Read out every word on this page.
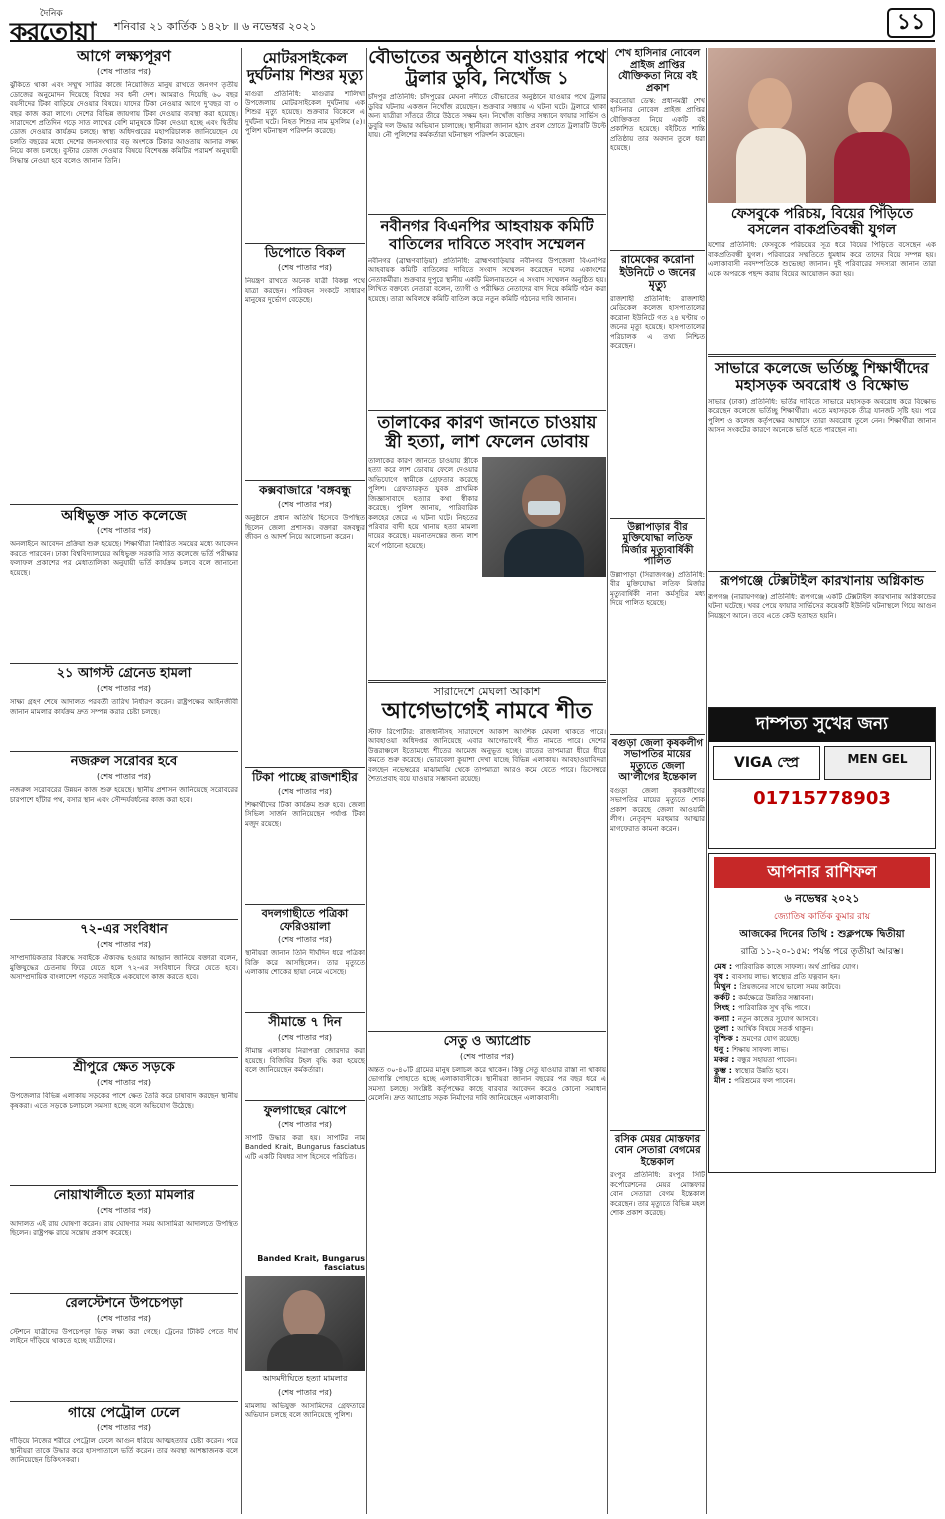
দৈনিক
করতোয়া শনিবার ২১ কার্তিক ১৪২৮ ॥ ৬ নভেম্বর ২০২১	১১
আগে লক্ষ্যপূরণ
(শেষ পাতার পর)
ঝুঁকিতে থাকা এবং সম্মুখ সারির কাজে নিয়োজিত মানুষ রাখতে জনগণ তৃতীয় ডোজের অনুমোদন দিয়েছে বিশ্বের সব ধনী দেশ। আমরাও দিয়েছি ৬০ বছর বয়সীদের টিকা বাড়িয়ে দেওয়ার বিষয়ে। যাদের টিকা নেওয়ার আগে দু'বছর বা ৩ বছর কাজ করা লাগে। দেশের বিভিন্ন জায়গায় টিকা দেওয়ার ব্যবস্থা করা হয়েছে। সারাদেশে প্রতিদিন গড়ে সাত লাখের বেশি মানুষকে টিকা দেওয়া হচ্ছে এবং দ্বিতীয় ডোজ দেওয়ার কার্যক্রম চলছে। স্বাস্থ্য অধিদপ্তরের মহাপরিচালক জানিয়েছেন যে চলতি বছরের মধ্যে দেশের জনসংখ্যার বড় অংশকে টিকার আওতায় আনার লক্ষ্য নিয়ে কাজ চলছে। বুস্টার ডোজ দেওয়ার বিষয়ে বিশেষজ্ঞ কমিটির পরামর্শ অনুযায়ী সিদ্ধান্ত নেওয়া হবে বলেও জানান তিনি।
অধিভুক্ত সাত কলেজে
(শেষ পাতার পর)
অনলাইনে আবেদন প্রক্রিয়া শুরু হয়েছে। শিক্ষার্থীরা নির্ধারিত সময়ের মধ্যে আবেদন করতে পারবেন। ঢাকা বিশ্ববিদ্যালয়ের অধিভুক্ত সরকারি সাত কলেজে ভর্তি পরীক্ষার ফলাফল প্রকাশের পর মেধাতালিকা অনুযায়ী ভর্তি কার্যক্রম চলবে বলে জানানো হয়েছে।
২১ আগস্ট গ্রেনেড হামলা
(শেষ পাতার পর)
সাক্ষ্য গ্রহণ শেষে আদালত পরবর্তী তারিখ নির্ধারণ করেন। রাষ্ট্রপক্ষের আইনজীবী জানান মামলার কার্যক্রম দ্রুত সম্পন্ন করার চেষ্টা চলছে।
নজরুল সরোবর হবে
(শেষ পাতার পর)
নজরুল সরোবরের উন্নয়ন কাজ শুরু হয়েছে। স্থানীয় প্রশাসন জানিয়েছে সরোবরের চারপাশে হাঁটার পথ, বসার স্থান এবং সৌন্দর্যবর্ধনের কাজ করা হবে।
৭২-এর সংবিধান
(শেষ পাতার পর)
সাম্প্রদায়িকতার বিরুদ্ধে সবাইকে ঐক্যবদ্ধ হওয়ার আহ্বান জানিয়ে বক্তারা বলেন, মুক্তিযুদ্ধের চেতনায় ফিরে যেতে হলে ৭২-এর সংবিধানে ফিরে যেতে হবে। অসাম্প্রদায়িক বাংলাদেশ গড়তে সবাইকে একযোগে কাজ করতে হবে।
শ্রীপুরে ক্ষেত সড়কে
(শেষ পাতার পর)
উপজেলার বিভিন্ন এলাকায় সড়কের পাশে ক্ষেত তৈরি করে চাষাবাদ করছেন স্থানীয় কৃষকরা। এতে সড়কে চলাচলে সমস্যা হচ্ছে বলে অভিযোগ উঠেছে।
নোয়াখালীতে হত্যা মামলার
(শেষ পাতার পর)
আদালত এই রায় ঘোষণা করেন। রায় ঘোষণার সময় আসামিরা আদালতে উপস্থিত ছিলেন। রাষ্ট্রপক্ষ রায়ে সন্তোষ প্রকাশ করেছে।
রেলস্টেশনে উপচেপড়া
(শেষ পাতার পর)
স্টেশনে যাত্রীদের উপচেপড়া ভিড় লক্ষ্য করা গেছে। ট্রেনের টিকিট পেতে দীর্ঘ লাইনে দাঁড়িয়ে থাকতে হচ্ছে যাত্রীদের।
গায়ে পেট্রোল ঢেলে
(শেষ পাতার পর)
দাঁড়িয়ে নিজের শরীরে পেট্রোল ঢেলে আগুন ধরিয়ে আত্মহত্যার চেষ্টা করেন। পরে স্থানীয়রা তাকে উদ্ধার করে হাসপাতালে ভর্তি করেন। তার অবস্থা আশঙ্কাজনক বলে জানিয়েছেন চিকিৎসকরা।
মোটরসাইকেল দুর্ঘটনায় শিশুর মৃত্যু
মাগুরা প্রতিনিধি: মাগুরার শালিখা উপজেলায় মোটরসাইকেল দুর্ঘটনায় এক শিশুর মৃত্যু হয়েছে। শুক্রবার বিকেলে এ দুর্ঘটনা ঘটে। নিহত শিশুর নাম মুসলিম (৫)। পুলিশ ঘটনাস্থল পরিদর্শন করেছে।
ডিপোতে বিকল
(শেষ পাতার পর)
নিয়ন্ত্রণ রাখতে অনেক যাত্রী বিকল্প পথে যাত্রা করছেন। পরিবহন সংকটে সাধারণ মানুষের দুর্ভোগ বেড়েছে।
কক্সবাজারে 'বঙ্গবন্ধু
(শেষ পাতার পর)
অনুষ্ঠানে প্রধান অতিথি হিসেবে উপস্থিত ছিলেন জেলা প্রশাসক। বক্তারা বঙ্গবন্ধুর জীবন ও আদর্শ নিয়ে আলোচনা করেন।
টিকা পাচ্ছে রাজশাহীর
(শেষ পাতার পর)
শিক্ষার্থীদের টিকা কার্যক্রম শুরু হবে। জেলা সিভিল সার্জন জানিয়েছেন পর্যাপ্ত টিকা মজুদ রয়েছে।
বদলগাছীতে পত্রিকা ফেরিওয়ালা
(শেষ পাতার পর)
স্থানীয়রা জানান তিনি দীর্ঘদিন ধরে পত্রিকা বিক্রি করে আসছিলেন। তার মৃত্যুতে এলাকায় শোকের ছায়া নেমে এসেছে।
সীমান্তে ৭ দিন
(শেষ পাতার পর)
সীমান্ত এলাকায় নিরাপত্তা জোরদার করা হয়েছে। বিজিবির টহল বৃদ্ধি করা হয়েছে বলে জানিয়েছেন কর্মকর্তারা।
ফুলগাছের ঝোপে
(শেষ পাতার পর)
সাপটি উদ্ধার করা হয়। সাপটির নাম Banded Krait, Bungarus fasciatus এটি একটি বিষধর সাপ হিসেবে পরিচিত।
Banded Krait, Bungarus fasciatus
আদমদীঘিতে হত্যা মামলার
(শেষ পাতার পর)
মামলায় অভিযুক্ত আসামিদের গ্রেফতারে অভিযান চলছে বলে জানিয়েছে পুলিশ।
বৌভাতের অনুষ্ঠানে যাওয়ার পথে ট্রলার ডুবি, নিখোঁজ ১
চাঁদপুর প্রতিনিধি: চাঁদপুরের মেঘনা নদীতে বৌভাতের অনুষ্ঠানে যাওয়ার পথে ট্রলার ডুবির ঘটনায় একজন নিখোঁজ রয়েছেন। শুক্রবার সন্ধ্যায় এ ঘটনা ঘটে। ট্রলারে থাকা অন্য যাত্রীরা সাঁতরে তীরে উঠতে সক্ষম হন। নিখোঁজ ব্যক্তির সন্ধানে ফায়ার সার্ভিস ও ডুবুরি দল উদ্ধার অভিযান চালাচ্ছে। স্থানীয়রা জানান হঠাৎ প্রবল স্রোতে ট্রলারটি উল্টে যায়। নৌ পুলিশের কর্মকর্তারা ঘটনাস্থল পরিদর্শন করেছেন।
নবীনগর বিএনপির আহবায়ক কমিটি বাতিলের দাবিতে সংবাদ সম্মেলন
নবীনগর (ব্রাহ্মণবাড়িয়া) প্রতিনিধি: ব্রাহ্মণবাড়িয়ার নবীনগর উপজেলা বিএনপির আহবায়ক কমিটি বাতিলের দাবিতে সংবাদ সম্মেলন করেছেন দলের একাংশের নেতাকর্মীরা। শুক্রবার দুপুরে স্থানীয় একটি মিলনায়তনে এ সংবাদ সম্মেলন অনুষ্ঠিত হয়। লিখিত বক্তব্যে নেতারা বলেন, ত্যাগী ও পরীক্ষিত নেতাদের বাদ দিয়ে কমিটি গঠন করা হয়েছে। তারা অবিলম্বে কমিটি বাতিল করে নতুন কমিটি গঠনের দাবি জানান।
তালাকের কারণ জানতে চাওয়ায় স্ত্রী হত্যা, লাশ ফেলেন ডোবায়
তালাকের কারণ জানতে চাওয়ায় স্ত্রীকে হত্যা করে লাশ ডোবায় ফেলে দেওয়ার অভিযোগে স্বামীকে গ্রেফতার করেছে পুলিশ। গ্রেফতারকৃত যুবক প্রাথমিক জিজ্ঞাসাবাদে হত্যার কথা স্বীকার করেছে। পুলিশ জানায়, পারিবারিক কলহের জেরে এ ঘটনা ঘটে। নিহতের পরিবার বাদী হয়ে থানায় হত্যা মামলা দায়ের করেছে। ময়নাতদন্তের জন্য লাশ মর্গে পাঠানো হয়েছে।
সারাদেশে মেঘলা আকাশ
আগেভাগেই নামবে শীত
স্টাফ রিপোর্টার: রাজধানীসহ সারাদেশে আকাশ আংশিক মেঘলা থাকতে পারে। আবহাওয়া অধিদপ্তর জানিয়েছে এবার আগেভাগেই শীত নামতে পারে। দেশের উত্তরাঞ্চলে ইতোমধ্যে শীতের আমেজ অনুভূত হচ্ছে। রাতের তাপমাত্রা ধীরে ধীরে কমতে শুরু করেছে। ভোরবেলা কুয়াশা দেখা যাচ্ছে বিভিন্ন এলাকায়। আবহাওয়াবিদরা বলছেন নভেম্বরের মাঝামাঝি থেকে তাপমাত্রা আরও কমে যেতে পারে। ডিসেম্বরে শৈত্যপ্রবাহ বয়ে যাওয়ার সম্ভাবনা রয়েছে।
সেতু ও অ্যাপ্রোচ
(শেষ পাতার পর)
অন্তত ৩০-৪০টি গ্রামের মানুষ চলাচল করে থাকেন। কিন্তু সেতু যাওয়ার রাস্তা না থাকায় ভোগান্তি পোহাতে হচ্ছে এলাকাবাসীকে। স্থানীয়রা জানান বছরের পর বছর ধরে এ সমস্যা চলছে। সংশ্লিষ্ট কর্তৃপক্ষের কাছে বারবার আবেদন করেও কোনো সমাধান মেলেনি। দ্রুত অ্যাপ্রোচ সড়ক নির্মাণের দাবি জানিয়েছেন এলাকাবাসী।
শেখ হাসিনার নোবেল প্রাইজ প্রাপ্তির যৌক্তিকতা নিয়ে বই প্রকাশ
করতোয়া ডেস্ক: প্রধানমন্ত্রী শেখ হাসিনার নোবেল প্রাইজ প্রাপ্তির যৌক্তিকতা নিয়ে একটি বই প্রকাশিত হয়েছে। বইটিতে শান্তি প্রতিষ্ঠায় তার অবদান তুলে ধরা হয়েছে।
রামেকের করোনা ইউনিটে ৩ জনের মৃত্যু
রাজশাহী প্রতিনিধি: রাজশাহী মেডিকেল কলেজ হাসপাতালের করোনা ইউনিটে গত ২৪ ঘণ্টায় ৩ জনের মৃত্যু হয়েছে। হাসপাতালের পরিচালক এ তথ্য নিশ্চিত করেছেন।
উল্লাপাড়ার বীর মুক্তিযোদ্ধা লতিফ মির্জার মৃত্যুবার্ষিকী পালিত
উল্লাপাড়া (সিরাজগঞ্জ) প্রতিনিধি: বীর মুক্তিযোদ্ধা লতিফ মির্জার মৃত্যুবার্ষিকী নানা কর্মসূচির মধ্য দিয়ে পালিত হয়েছে।
বগুড়া জেলা কৃষকলীগ সভাপতির মায়ের মৃত্যুতে জেলা আ'লীগের ইন্তেকাল
বগুড়া জেলা কৃষকলীগের সভাপতির মায়ের মৃত্যুতে শোক প্রকাশ করেছে জেলা আওয়ামী লীগ। নেতৃবৃন্দ মরহুমার আত্মার মাগফেরাত কামনা করেন।
রসিক মেয়র মোস্তফার বোন সেতারা বেগমের ইন্তেকাল
রংপুর প্রতিনিধি: রংপুর সিটি কর্পোরেশনের মেয়র মোস্তফার বোন সেতারা বেগম ইন্তেকাল করেছেন। তার মৃত্যুতে বিভিন্ন মহল শোক প্রকাশ করেছে।
ফেসবুকে পরিচয়, বিয়ের পিঁড়িতে বসলেন বাকপ্রতিবন্ধী যুগল
যশোর প্রতিনিধি: ফেসবুকে পরিচয়ের সূত্র ধরে বিয়ের পিঁড়িতে বসেছেন এক বাকপ্রতিবন্ধী যুগল। পরিবারের সম্মতিতে ধুমধাম করে তাদের বিয়ে সম্পন্ন হয়। এলাকাবাসী নবদম্পতিকে শুভেচ্ছা জানান। দুই পরিবারের সদস্যরা জানান তারা একে অপরকে পছন্দ করায় বিয়ের আয়োজন করা হয়।
সাভারে কলেজে ভর্তিচ্ছু শিক্ষার্থীদের মহাসড়ক অবরোধ ও বিক্ষোভ
সাভার (ঢাকা) প্রতিনিধি: ভর্তির দাবিতে সাভারে মহাসড়ক অবরোধ করে বিক্ষোভ করেছেন কলেজে ভর্তিচ্ছু শিক্ষার্থীরা। এতে মহাসড়কে তীব্র যানজট সৃষ্টি হয়। পরে পুলিশ ও কলেজ কর্তৃপক্ষের আশ্বাসে তারা অবরোধ তুলে নেন। শিক্ষার্থীরা জানান আসন সংকটের কারণে অনেকে ভর্তি হতে পারছেন না।
রূপগঞ্জে টেক্সটাইল কারখানায় অগ্নিকান্ড
রূপগঞ্জ (নারায়ণগঞ্জ) প্রতিনিধি: রূপগঞ্জে একটি টেক্সটাইল কারখানায় অগ্নিকান্ডের ঘটনা ঘটেছে। খবর পেয়ে ফায়ার সার্ভিসের কয়েকটি ইউনিট ঘটনাস্থলে গিয়ে আগুন নিয়ন্ত্রণে আনে। তবে এতে কেউ হতাহত হয়নি।
দাম্পত্য সুখের জন্য
VIGA স্প্রে	MEN GEL
01715778903
আপনার রাশিফল
৬ নভেম্বর ২০২১
জ্যোতিষ কার্তিক কুমার রায়
আজকের দিনের তিথি : শুক্লপক্ষে দ্বিতীয়া
রাত্রি ১১-২০-১৫ম: পর্যন্ত পরে তৃতীয়া আরম্ভ।
মেষ : পারিবারিক কাজে সাফল্য। অর্থ প্রাপ্তির যোগ।
বৃষ : ব্যবসায় লাভ। স্বাস্থ্যের প্রতি যত্নবান হন।
মিথুন : প্রিয়জনের সাথে ভালো সময় কাটবে।
কর্কট : কর্মক্ষেত্রে উন্নতির সম্ভাবনা।
সিংহ : পারিবারিক সুখ বৃদ্ধি পাবে।
কন্যা : নতুন কাজের সুযোগ আসবে।
তুলা : আর্থিক বিষয়ে সতর্ক থাকুন।
বৃশ্চিক : ভ্রমণের যোগ রয়েছে।
ধনু : শিক্ষায় সাফল্য লাভ।
মকর : বন্ধুর সহায়তা পাবেন।
কুম্ভ : স্বাস্থ্যের উন্নতি হবে।
মীন : পরিশ্রমের ফল পাবেন।
